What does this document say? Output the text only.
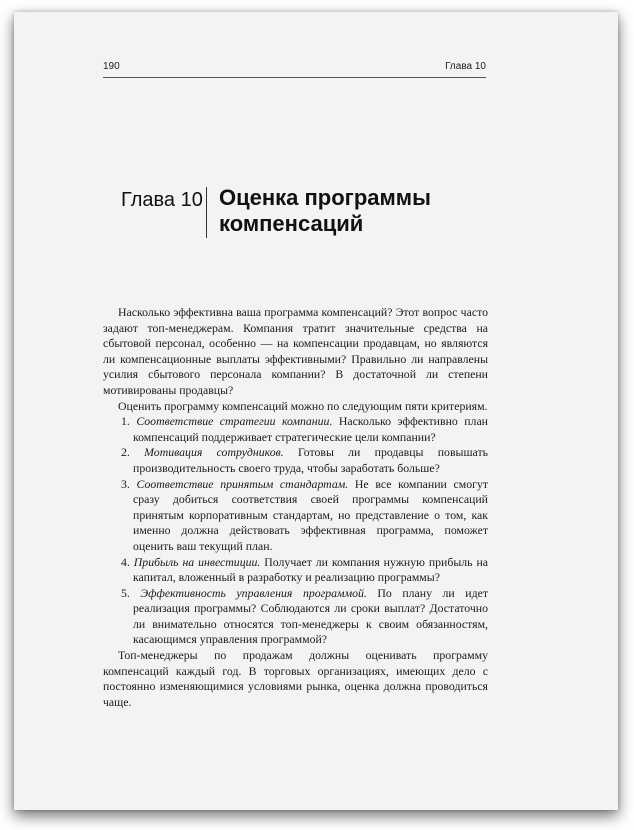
190	Глава 10
Глава 10 Оценка программы
компенсаций

Насколько эффективна ваша программа компенсаций? Этот вопрос часто задают топ-менеджерам. Компания тратит значительные средства на сбытовой персонал, особенно — на компенсации продавцам, но являются ли компенсационные выплаты эффективными? Правильно ли направлены усилия сбытового персонала компании? В достаточной ли степени мотивированы продавцы?

Оценить программу компенсаций можно по следующим пяти критериям.

1. Соответствие стратегии компании. Насколько эффективно план компенсаций поддерживает стратегические цели компании?
2. Мотивация сотрудников. Готовы ли продавцы повышать производительность своего труда, чтобы заработать больше?
3. Соответствие принятым стандартам. Не все компании смогут сразу добиться соответствия своей программы компенсаций принятым корпоративным стандартам, но представление о том, как именно должна действовать эффективная программа, поможет оценить ваш текущий план.
4. Прибыль на инвестиции. Получает ли компания нужную прибыль на капитал, вложенный в разработку и реализацию программы?
5. Эффективность управления программой. По плану ли идет реализация программы? Соблюдаются ли сроки выплат? Достаточно ли внимательно относятся топ-менеджеры к своим обязанностям, касающимся управления программой?

Топ-менеджеры по продажам должны оценивать программу компенсаций каждый год. В торговых организациях, имеющих дело с постоянно изменяющимися условиями рынка, оценка должна проводиться чаще.
